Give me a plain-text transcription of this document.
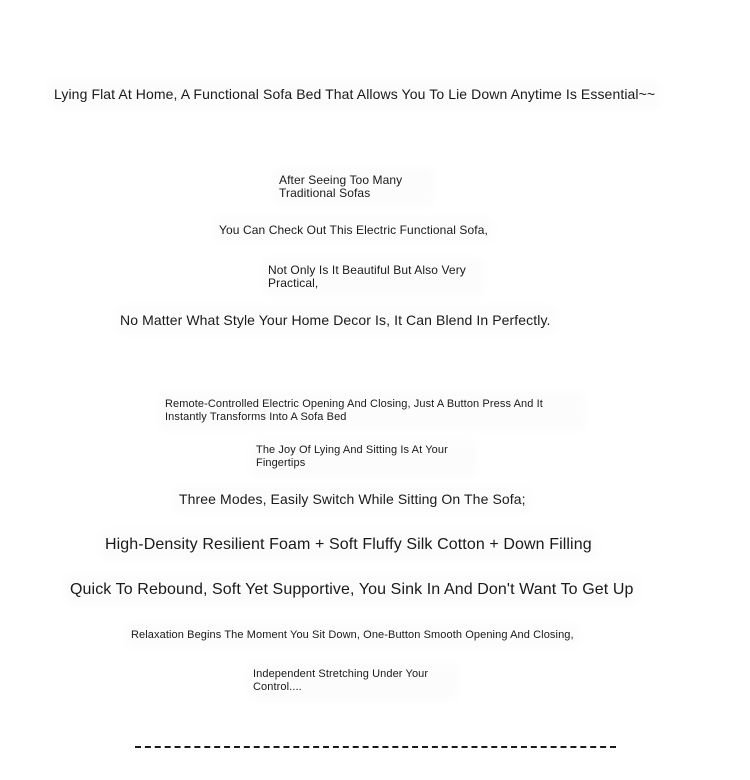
Lying Flat At Home, A Functional Sofa Bed That Allows You To Lie Down Anytime Is Essential~~
After Seeing Too Many Traditional Sofas
You Can Check Out This Electric Functional Sofa,
Not Only Is It Beautiful But Also Very Practical,
No Matter What Style Your Home Decor Is, It Can Blend In Perfectly.
Remote-Controlled Electric Opening And Closing, Just A Button Press And It Instantly Transforms Into A Sofa Bed
The Joy Of Lying And Sitting Is At Your Fingertips
Three Modes, Easily Switch While Sitting On The Sofa;
High-Density Resilient Foam + Soft Fluffy Silk Cotton + Down Filling
Quick To Rebound, Soft Yet Supportive, You Sink In And Don't Want To Get Up
Relaxation Begins The Moment You Sit Down, One-Button Smooth Opening And Closing,
Independent Stretching Under Your Control....
